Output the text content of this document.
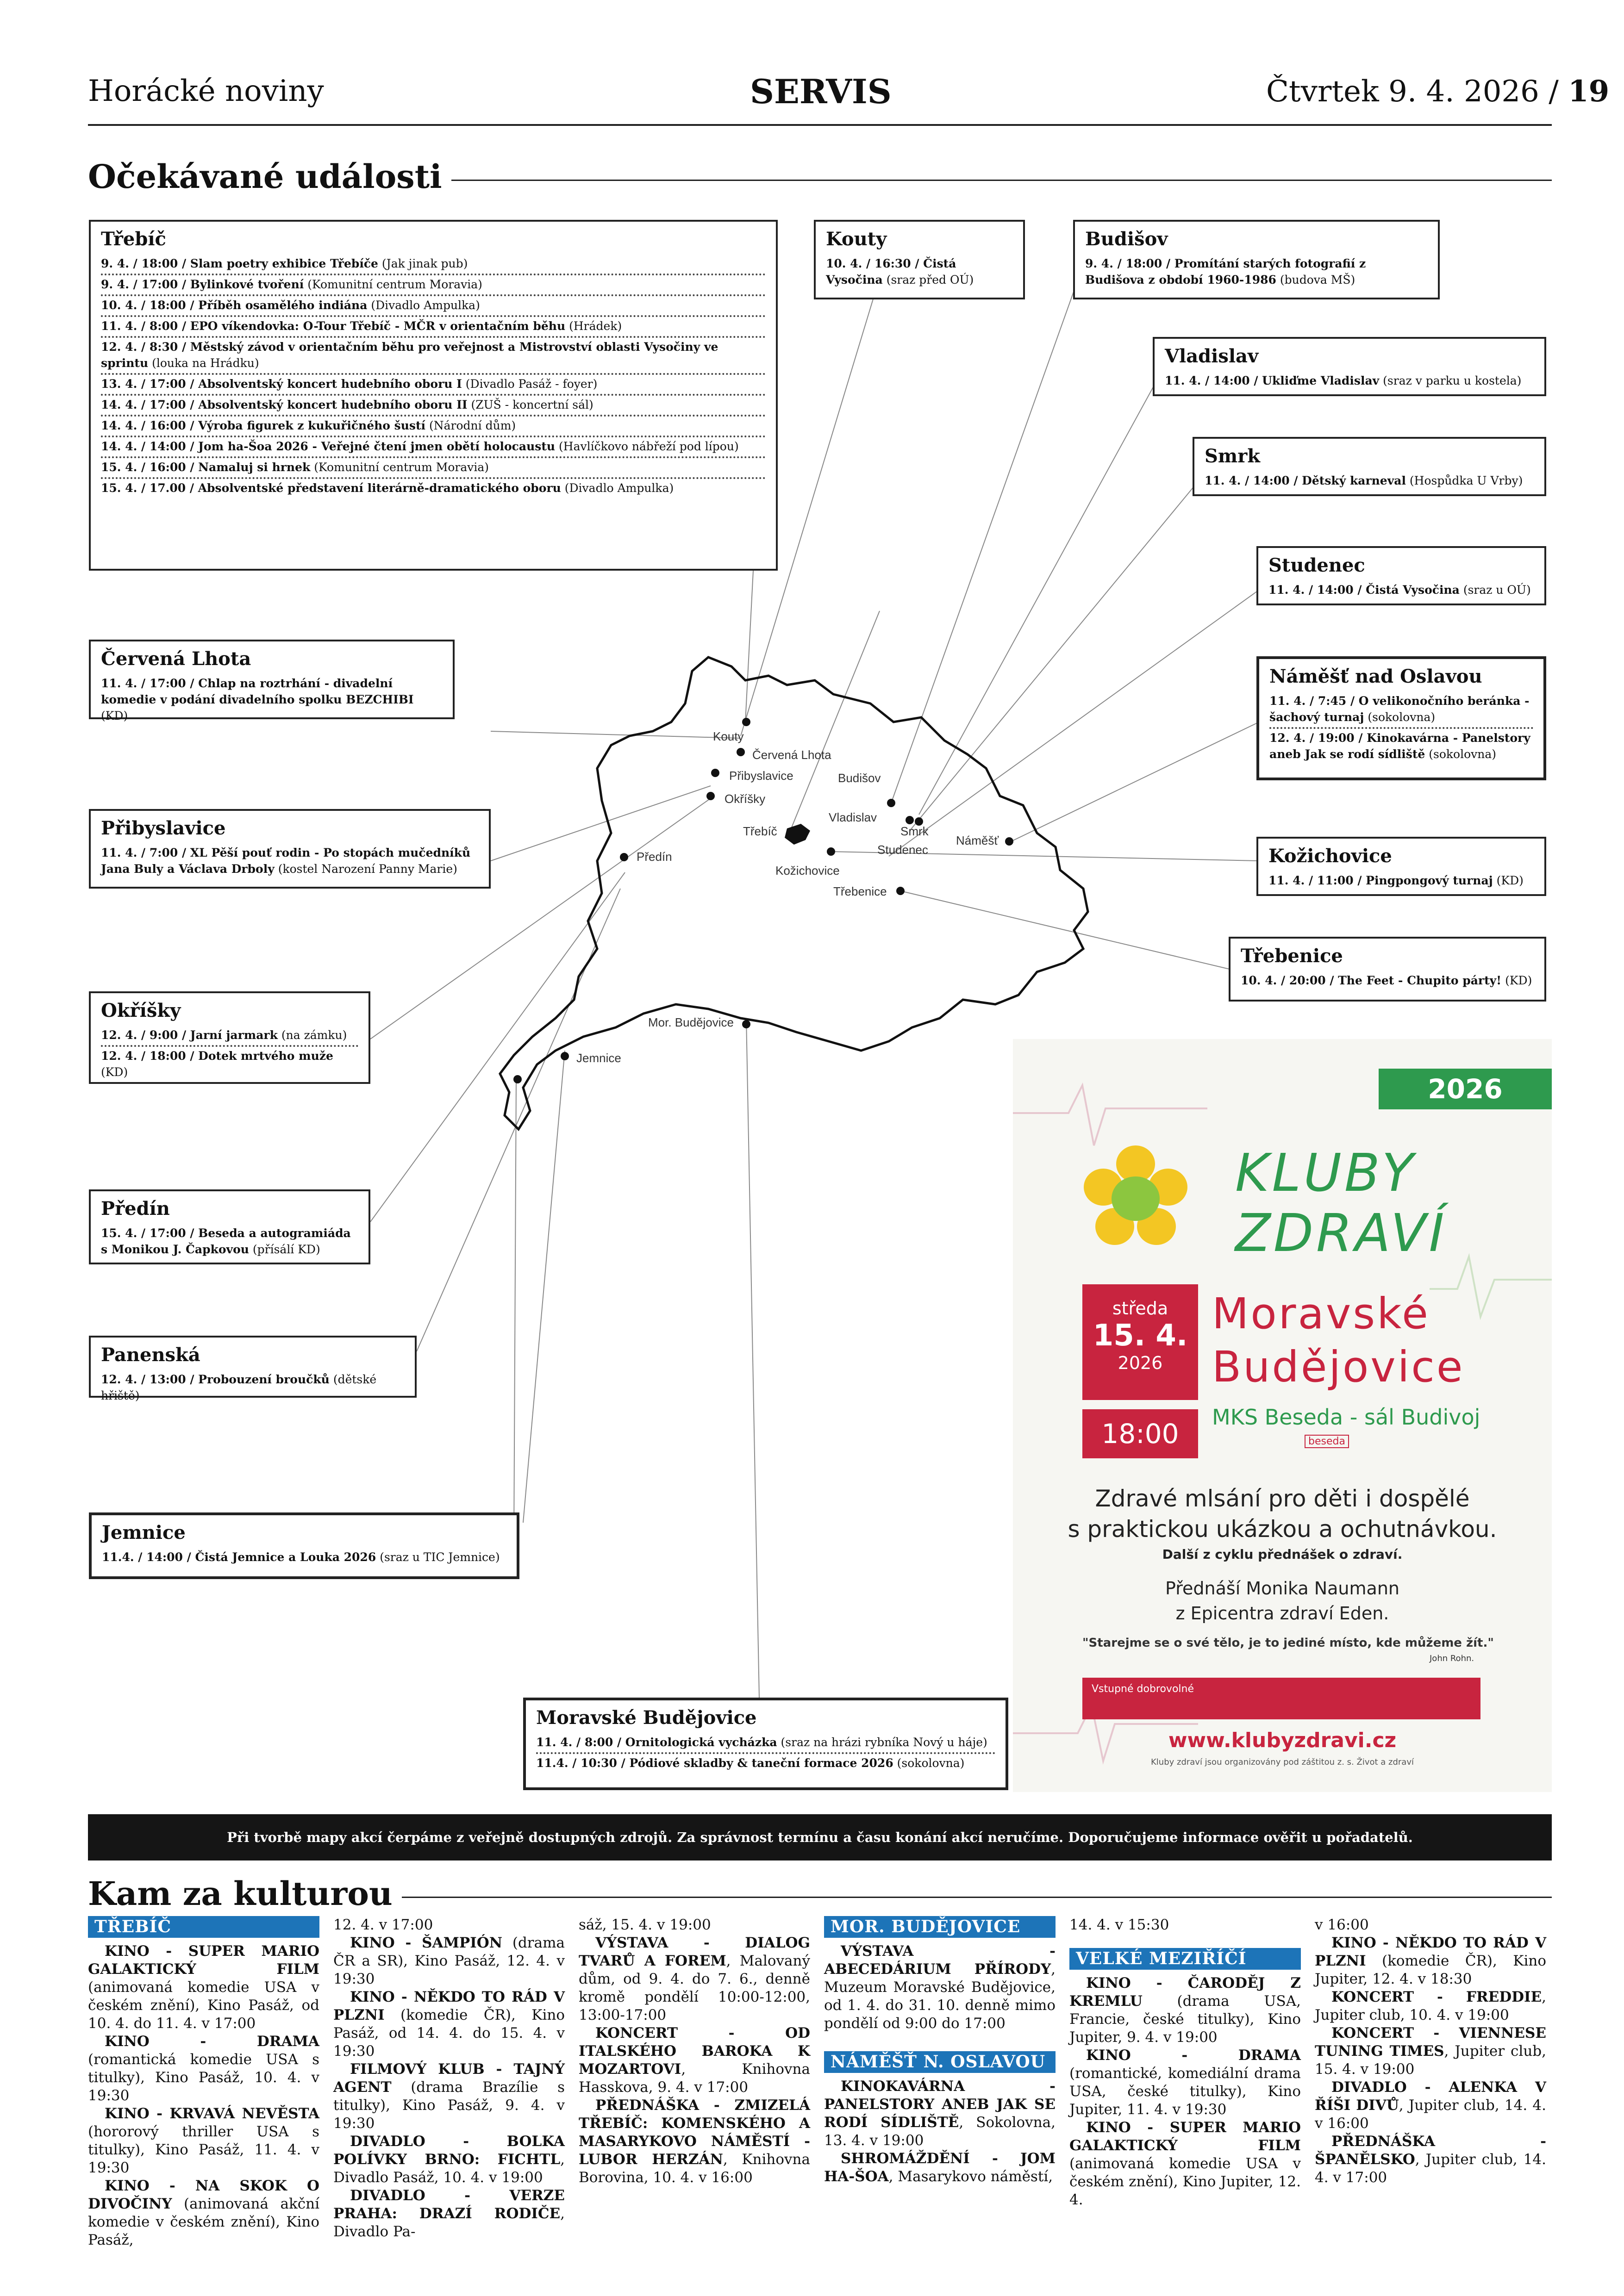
Horácké noviny	SERVIS	Čtvrtek 9. 4. 2026 / 19
Očekávané události
Kouty
Červená Lhota
Přibyslavice
Okříšky
Budišov
Vladislav
Třebíč	Smrk
Studenec
Náměšť
Předín
Kožichovice
Třebenice
Mor. Budějovice
Jemnice
Třebíč
9. 4. / 18:00 / Slam poetry exhibice Třebíče (Jak jinak pub)
9. 4. / 17:00 / Bylinkové tvoření (Komunitní centrum Moravia)
10. 4. / 18:00 / Příběh osamělého indiána (Divadlo Ampulka)
11. 4. / 8:00 / EPO víkendovka: O-Tour Třebíč - MČR v orientačním běhu (Hrádek)
12. 4. / 8:30 / Městský závod v orientačním běhu pro veřejnost a Mistrovství oblasti Vysočiny ve sprintu (louka na Hrádku)
13. 4. / 17:00 / Absolventský koncert hudebního oboru I (Divadlo Pasáž - foyer)
14. 4. / 17:00 / Absolventský koncert hudebního oboru II (ZUŠ - koncertní sál)
14. 4. / 16:00 / Výroba figurek z kukuřičného šustí (Národní dům)
14. 4. / 14:00 / Jom ha-Šoa 2026 - Veřejné čtení jmen obětí holocaustu (Havlíčkovo nábřeží pod lípou)
15. 4. / 16:00 / Namaluj si hrnek (Komunitní centrum Moravia)
15. 4. / 17.00 / Absolventské představení literárně-dramatického oboru (Divadlo Ampulka)
Kouty
10. 4. / 16:30 / Čistá Vysočina (sraz před OÚ)
Budišov
9. 4. / 18:00 / Promítání starých fotografií z Budišova z období 1960-1986 (budova MŠ)
Vladislav
11. 4. / 14:00 / Ukliďme Vladislav (sraz v parku u kostela)
Smrk
11. 4. / 14:00 / Dětský karneval (Hospůdka U Vrby)
Studenec
11. 4. / 14:00 / Čistá Vysočina (sraz u OÚ)
Náměšť nad Oslavou
11. 4. / 7:45 / O velikonočního beránka - šachový turnaj (sokolovna)
12. 4. / 19:00 / Kinokavárna - Panelstory aneb Jak se rodí sídliště (sokolovna)
Kožichovice
11. 4. / 11:00 / Pingpongový turnaj (KD)
Třebenice
10. 4. / 20:00 / The Feet - Chupito párty! (KD)
Červená Lhota
11. 4. / 17:00 / Chlap na roztrhání - divadelní komedie v podání divadelního spolku BEZCHIBI (KD)
Přibyslavice
11. 4. / 7:00 / XL Pěší pouť rodin - Po stopách mučedníků Jana Buly a Václava Drboly (kostel Narození Panny Marie)
Okříšky
12. 4. / 9:00 / Jarní jarmark (na zámku)
12. 4. / 18:00 / Dotek mrtvého muže (KD)
Předín
15. 4. / 17:00 / Beseda a autogramiáda s Monikou J. Čapkovou (přísálí KD)
Panenská
12. 4. / 13:00 / Probouzení broučků (dětské hřiště)
Jemnice
11.4. / 14:00 / Čistá Jemnice a Louka 2026 (sraz u TIC Jemnice)
Moravské Budějovice
11. 4. / 8:00 / Ornitologická vycházka (sraz na hrázi rybníka Nový u háje)
11.4. / 10:30 / Pódiové skladby & taneční formace 2026 (sokolovna)
2026
KLUBY
ZDRAVÍ
středa
15. 4.
2026
18:00
Moravské
Budějovice
MKS Beseda - sál Budivoj
beseda
Zdravé mlsání pro děti i dospělé
s praktickou ukázkou a ochutnávkou.
Další z cyklu přednášek o zdraví.
Přednáší Monika Naumann
z Epicentra zdraví Eden.
"Starejme se o své tělo, je to jediné místo, kde můžeme žít."
John Rohn.
Vstupné dobrovolné
www.klubyzdravi.cz
Kluby zdraví jsou organizovány pod záštitou z. s. Život a zdraví
Při tvorbě mapy akcí čerpáme z veřejně dostupných zdrojů. Za správnost termínu a času konání akcí neručíme. Doporučujeme informace ověřit u pořadatelů.
Kam za kulturou
TŘEBÍČ

KINO - SUPER MARIO GALAKTICKÝ FILM (animovaná komedie USA v českém znění), Kino Pasáž, od 10. 4. do 11. 4. v 17:00

KINO - DRAMA (romantická komedie USA s titulky), Kino Pasáž, 10. 4. v 19:30

KINO - KRVAVÁ NEVĚSTA (hororový thriller USA s titulky), Kino Pasáž, 11. 4. v 19:30

KINO - NA SKOK O DIVOČINY (animovaná akční komedie v českém znění), Kino Pasáž,

12. 4. v 17:00

KINO - ŠAMPIÓN (drama ČR a SR), Kino Pasáž, 12. 4. v 19:30

KINO - NĚKDO TO RÁD V PLZNI (komedie ČR), Kino Pasáž, od 14. 4. do 15. 4. v 19:30

FILMOVÝ KLUB - TAJNÝ AGENT (drama Brazílie s titulky), Kino Pasáž, 9. 4. v 19:30

DIVADLO - BOLKA POLÍVKY BRNO: FICHTL, Divadlo Pasáž, 10. 4. v 19:00

DIVADLO - VERZE PRAHA: DRAZÍ RODIČE, Divadlo Pa-

sáž, 15. 4. v 19:00

VÝSTAVA - DIALOG TVARŮ A FOREM, Malovaný dům, od 9. 4. do 7. 6., denně kromě pondělí 10:00-12:00, 13:00-17:00

KONCERT - OD ITALSKÉHO BAROKA K MOZARTOVI, Knihovna Hasskova, 9. 4. v 17:00

PŘEDNÁŠKA - ZMIZELÁ TŘEBÍČ: KOMENSKÉHO A MASARYKOVO NÁMĚSTÍ - LUBOR HERZÁN, Knihovna Borovina, 10. 4. v 16:00

MOR. BUDĚJOVICE

VÝSTAVA - ABECEDÁRIUM PŘÍRODY, Muzeum Moravské Budějovice, od 1. 4. do 31. 10. denně mimo pondělí od 9:00 do 17:00

NÁMĚŠŤ N. OSLAVOU

KINOKAVÁRNA - PANELSTORY ANEB JAK SE RODÍ SÍDLIŠTĚ, Sokolovna, 13. 4. v 19:00

SHROMÁŽDĚNÍ - JOM HA-ŠOA, Masarykovo náměstí,

14. 4. v 15:30

VELKÉ MEZIŘÍČÍ

KINO - ČARODĚJ Z KREMLU (drama USA, Francie, české titulky), Kino Jupiter, 9. 4. v 19:00

KINO - DRAMA (romantické, komediální drama USA, české titulky), Kino Jupiter, 11. 4. v 19:30

KINO - SUPER MARIO GALAKTICKÝ FILM (animovaná komedie USA v českém znění), Kino Jupiter, 12. 4.

v 16:00

KINO - NĚKDO TO RÁD V PLZNI (komedie ČR), Kino Jupiter, 12. 4. v 18:30

KONCERT - FREDDIE, Jupiter club, 10. 4. v 19:00

KONCERT - VIENNESE TUNING TIMES, Jupiter club, 15. 4. v 19:00

DIVADLO - ALENKA V ŘÍŠI DIVŮ, Jupiter club, 14. 4. v 16:00

PŘEDNÁŠKA - ŠPANĚLSKO, Jupiter club, 14. 4. v 17:00
